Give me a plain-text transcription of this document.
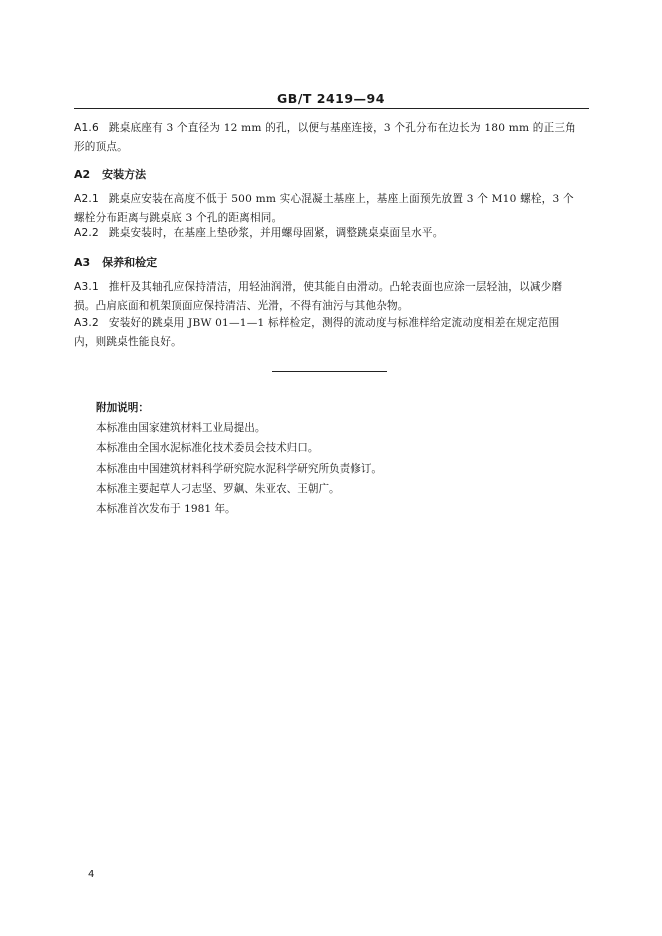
GB/T 2419—94
A1.6 跳桌底座有 3 个直径为 12 mm 的孔，以便与基座连接，3 个孔分布在边长为 180 mm 的正三角
形的顶点。
A2 安装方法
A2.1 跳桌应安装在高度不低于 500 mm 实心混凝土基座上，基座上面预先放置 3 个 M10 螺栓，3 个
螺栓分布距离与跳桌底 3 个孔的距离相同。
A2.2 跳桌安装时，在基座上垫砂浆，并用螺母固紧，调整跳桌桌面呈水平。
A3 保养和检定
A3.1 推杆及其轴孔应保持清洁，用轻油润滑，使其能自由滑动。凸轮表面也应涂一层轻油，以减少磨
损。凸肩底面和机架顶面应保持清洁、光滑，不得有油污与其他杂物。
A3.2 安装好的跳桌用 JBW 01—1—1 标样检定，测得的流动度与标准样给定流动度相差在规定范围
内，则跳桌性能良好。
附加说明：
本标准由国家建筑材料工业局提出。
本标准由全国水泥标准化技术委员会技术归口。
本标准由中国建筑材料科学研究院水泥科学研究所负责修订。
本标准主要起草人刁志坚、罗飙、朱亚农、王朝广。
本标准首次发布于 1981 年。
4
